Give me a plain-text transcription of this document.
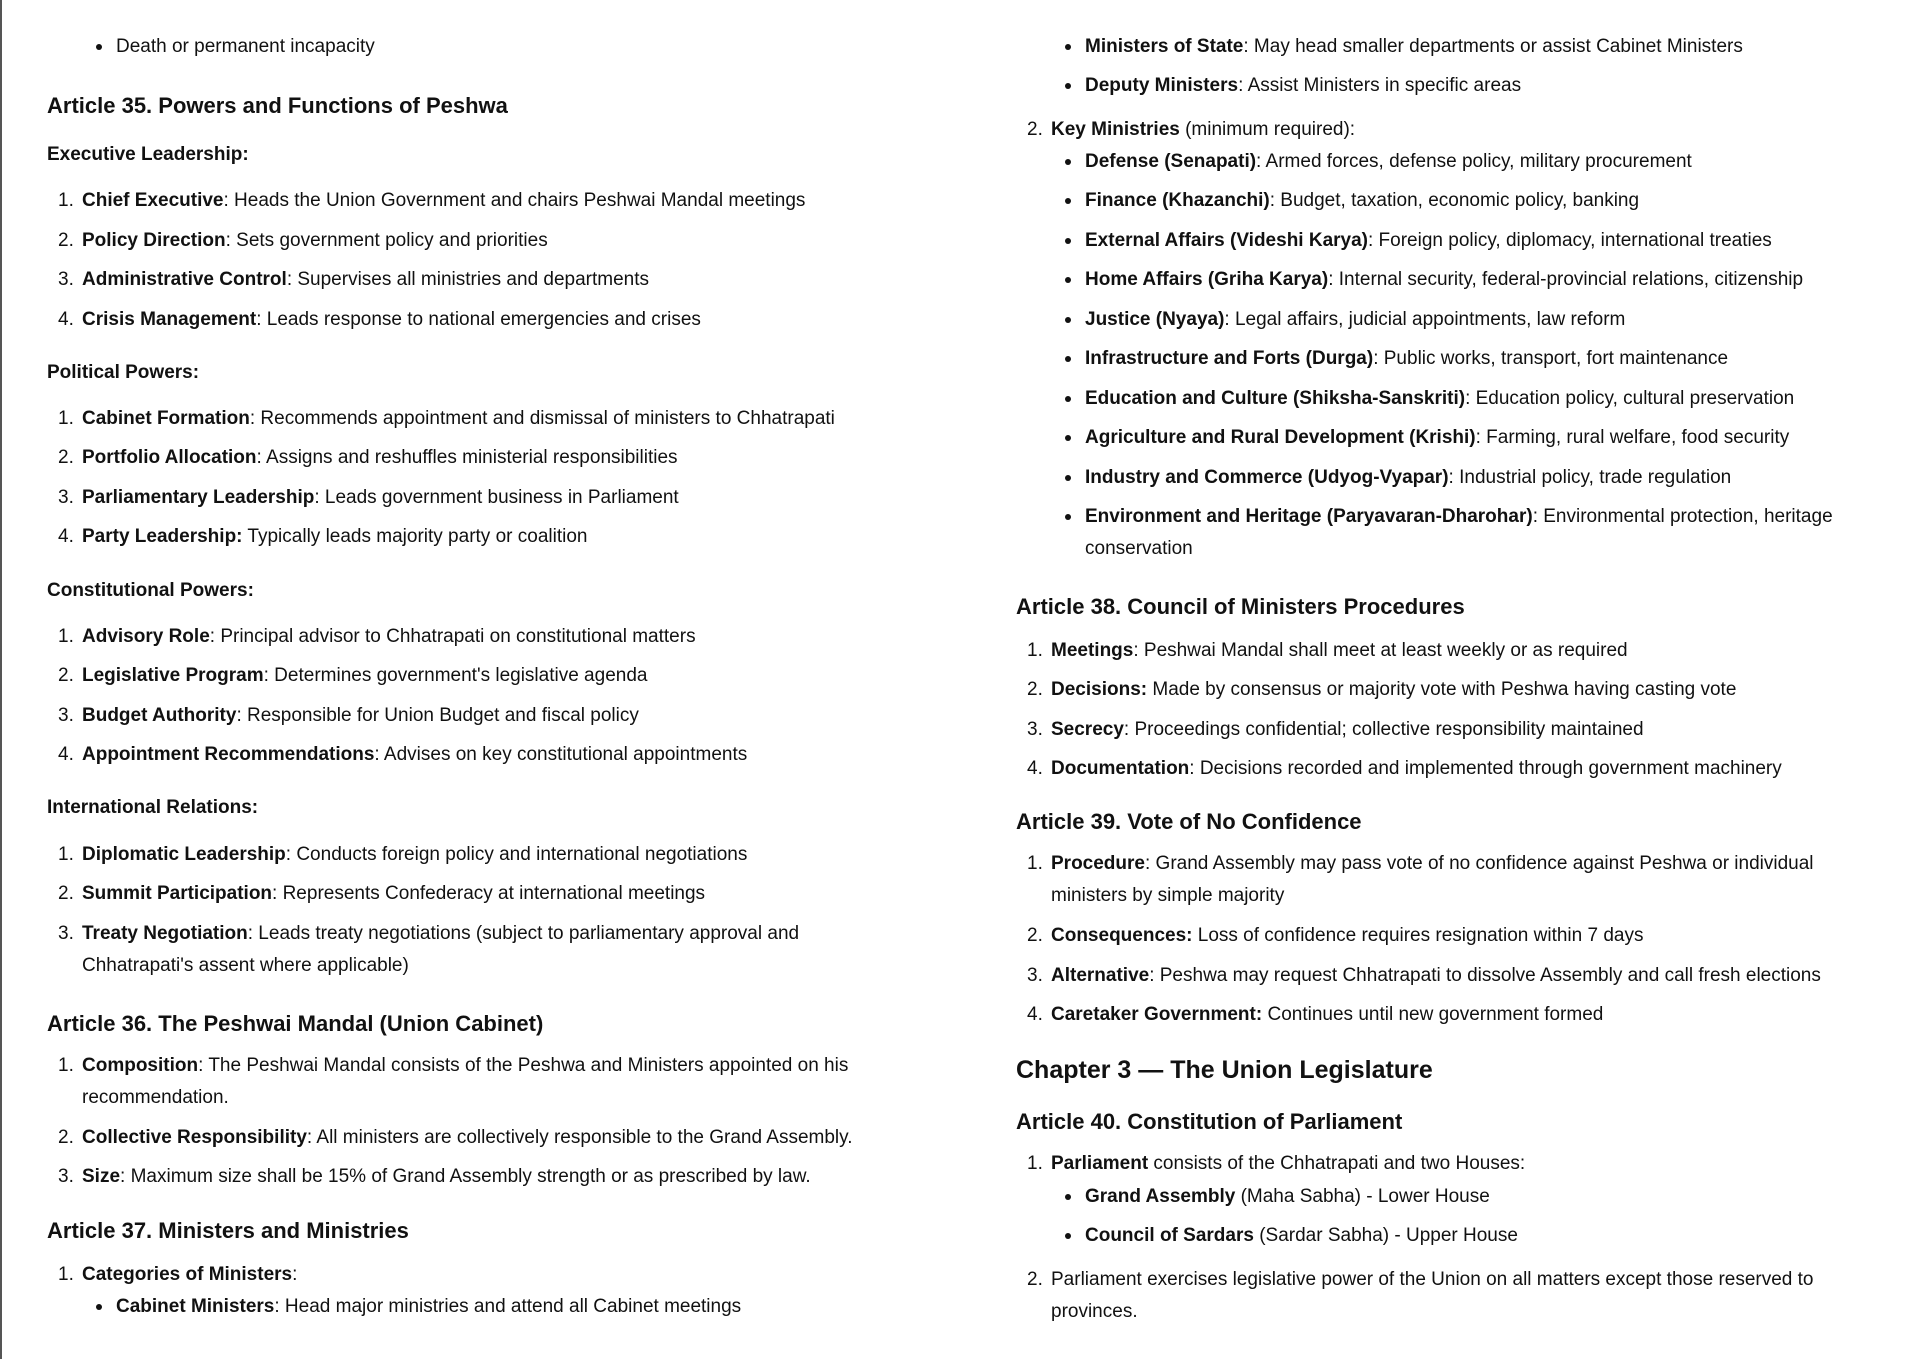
Death or permanent incapacity

Article 35. Powers and Functions of Peshwa
Executive Leadership:

1. Chief Executive: Heads the Union Government and chairs Peshwai Mandal meetings

2. Policy Direction: Sets government policy and priorities

3. Administrative Control: Supervises all ministries and departments

4. Crisis Management: Leads response to national emergencies and crises

Political Powers:

1. Cabinet Formation: Recommends appointment and dismissal of ministers to Chhatrapati

2. Portfolio Allocation: Assigns and reshuffles ministerial responsibilities

3. Parliamentary Leadership: Leads government business in Parliament

4. Party Leadership: Typically leads majority party or coalition

Constitutional Powers:

1. Advisory Role: Principal advisor to Chhatrapati on constitutional matters

2. Legislative Program: Determines government's legislative agenda

3. Budget Authority: Responsible for Union Budget and fiscal policy

4. Appointment Recommendations: Advises on key constitutional appointments

International Relations:

1. Diplomatic Leadership: Conducts foreign policy and international negotiations

2. Summit Participation: Represents Confederacy at international meetings

3. Treaty Negotiation: Leads treaty negotiations (subject to parliamentary approval and Chhatrapati's assent where applicable)

Article 36. The Peshwai Mandal (Union Cabinet)

1. Composition: The Peshwai Mandal consists of the Peshwa and Ministers appointed on his recommendation.

2. Collective Responsibility: All ministers are collectively responsible to the Grand Assembly.

3. Size: Maximum size shall be 15% of Grand Assembly strength or as prescribed by law.

Article 37. Ministers and Ministries

1. Categories of Ministers:

Cabinet Ministers: Head major ministries and attend all Cabinet meetings

Ministers of State: May head smaller departments or assist Cabinet Ministers

Deputy Ministers: Assist Ministers in specific areas

2. Key Ministries (minimum required):

Defense (Senapati): Armed forces, defense policy, military procurement

Finance (Khazanchi): Budget, taxation, economic policy, banking

External Affairs (Videshi Karya): Foreign policy, diplomacy, international treaties

Home Affairs (Griha Karya): Internal security, federal-provincial relations, citizenship

Justice (Nyaya): Legal affairs, judicial appointments, law reform

Infrastructure and Forts (Durga): Public works, transport, fort maintenance

Education and Culture (Shiksha-Sanskriti): Education policy, cultural preservation

Agriculture and Rural Development (Krishi): Farming, rural welfare, food security

Industry and Commerce (Udyog-Vyapar): Industrial policy, trade regulation

Environment and Heritage (Paryavaran-Dharohar): Environmental protection, heritage conservation

Article 38. Council of Ministers Procedures

1. Meetings: Peshwai Mandal shall meet at least weekly or as required

2. Decisions: Made by consensus or majority vote with Peshwa having casting vote

3. Secrecy: Proceedings confidential; collective responsibility maintained

4. Documentation: Decisions recorded and implemented through government machinery

Article 39. Vote of No Confidence

1. Procedure: Grand Assembly may pass vote of no confidence against Peshwa or individual ministers by simple majority

2. Consequences: Loss of confidence requires resignation within 7 days

3. Alternative: Peshwa may request Chhatrapati to dissolve Assembly and call fresh elections

4. Caretaker Government: Continues until new government formed

Chapter 3 — The Union Legislature
Article 40. Constitution of Parliament

1. Parliament consists of the Chhatrapati and two Houses:

Grand Assembly (Maha Sabha) - Lower House

Council of Sardars (Sardar Sabha) - Upper House

2. Parliament exercises legislative power of the Union on all matters except those reserved to provinces.
